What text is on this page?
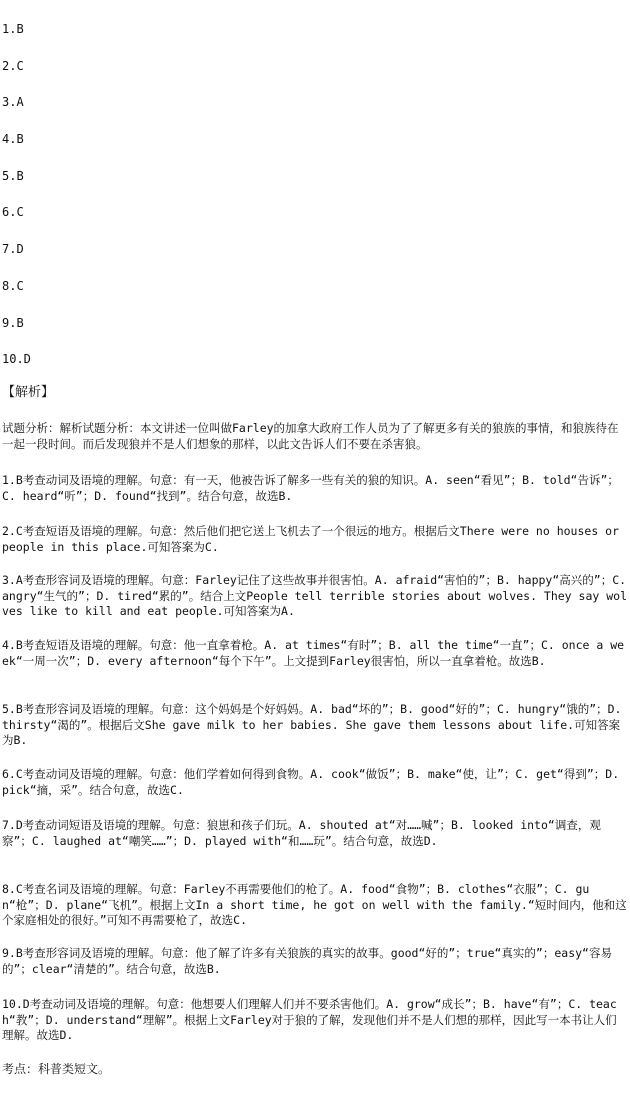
1.B
2.C
3.A
4.B
5.B
6.C
7.D
8.C
9.B
10.D
【解析】
试题分析：解析试题分析：本文讲述一位叫做Farley的加拿大政府工作人员为了了解更多有关的狼族的事情，和狼族待在一起一段时间。而后发现狼并不是人们想象的那样，以此文告诉人们不要在杀害狼。
1.B考查动词及语境的理解。句意：有一天，他被告诉了解多一些有关的狼的知识。A. seen“看见”；B. told“告诉”；C. heard“听”；D. found“找到”。结合句意，故选B.
2.C考查短语及语境的理解。句意：然后他们把它送上飞机去了一个很远的地方。根据后文There were no houses or people in this place.可知答案为C.
3.A考查形容词及语境的理解。句意：Farley记住了这些故事并很害怕。A. afraid“害怕的”；B. happy“高兴的”；C. angry“生气的”；D. tired“累的”。结合上文People tell terrible stories about wolves. They say wolves like to kill and eat people.可知答案为A.
4.B考查短语及语境的理解。句意：他一直拿着枪。A. at times“有时”；B. all the time“一直”；C. once a week“一周一次”；D. every afternoon“每个下午”。上文提到Farley很害怕，所以一直拿着枪。故选B.
5.B考查形容词及语境的理解。句意：这个妈妈是个好妈妈。A. bad“坏的”；B. good“好的”；C. hungry“饿的”；D. thirsty“渴的”。根据后文She gave milk to her babies. She gave them lessons about life.可知答案为B.
6.C考查动词及语境的理解。句意：他们学着如何得到食物。A. cook“做饭”；B. make“使，让”；C. get“得到”；D. pick“摘，采”。结合句意，故选C.
7.D考查动词短语及语境的理解。句意：狼崽和孩子们玩。A. shouted at“对……喊”；B. looked into“调查，观察”；C. laughed at“嘲笑……”；D. played with“和……玩”。结合句意，故选D.
8.C考查名词及语境的理解。句意：Farley不再需要他们的枪了。A. food“食物”；B. clothes“衣服”；C. gun“枪”；D. plane“飞机”。根据上文In a short time, he got on well with the family.“短时间内，他和这个家庭相处的很好。”可知不再需要枪了，故选C.
9.B考查形容词及语境的理解。句意：他了解了许多有关狼族的真实的故事。good“好的”；true“真实的”；easy“容易的”；clear“清楚的”。结合句意，故选B.
10.D考查动词及语境的理解。句意：他想要人们理解人们并不要杀害他们。A. grow“成长”；B. have“有”；C. teach“教”；D. understand“理解”。根据上文Farley对于狼的了解，发现他们并不是人们想的那样，因此写一本书让人们理解。故选D.
考点：科普类短文。
